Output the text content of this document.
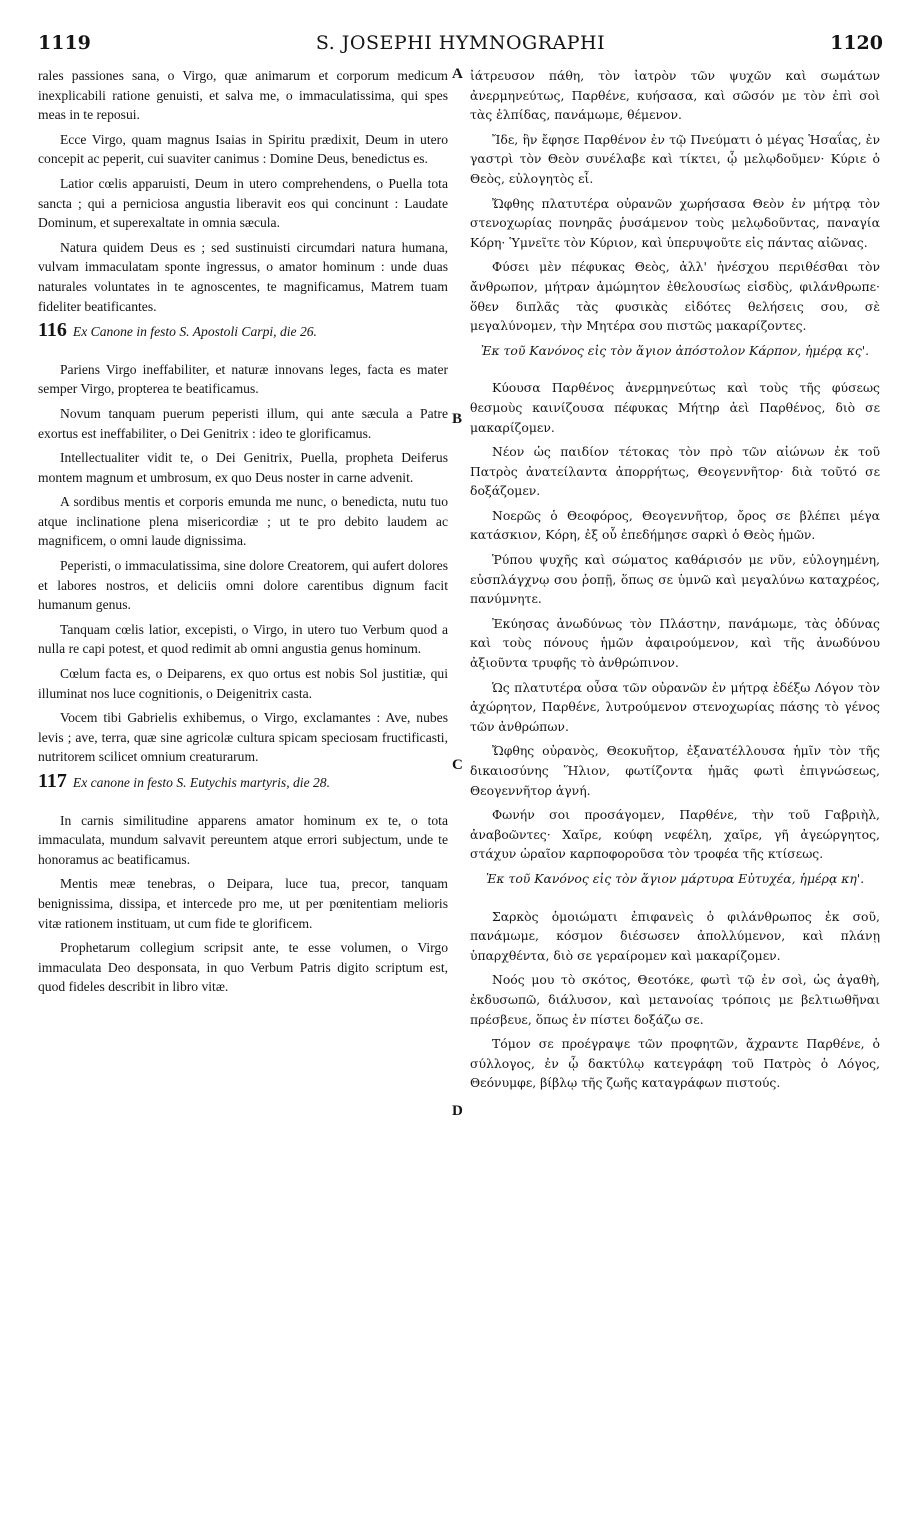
1119	S. JOSEPHI HYMNOGRAPHI	1120
A
B
C
D

rales passiones sana, o Virgo, quæ animarum et corporum medicum inexplicabili ratione genuisti, et salva me, o immaculatissima, qui spes meas in te reposui.

Ecce Virgo, quam magnus Isaias in Spiritu prædixit, Deum in utero concepit ac peperit, cui suaviter canimus : Domine Deus, benedictus es.

Latior cœlis apparuisti, Deum in utero comprehendens, o Puella tota sancta ; qui a perniciosa angustia liberavit eos qui concinunt : Laudate Dominum, et superexaltate in omnia sæcula.

Natura quidem Deus es ; sed sustinuisti circumdari natura humana, vulvam immaculatam sponte ingressus, o amator hominum : unde duas naturales voluntates in te agnoscentes, te magnificamus, Matrem tuam fideliter beatificantes.

116 Ex Canone in festo S. Apostoli Carpi, die 26.

Pariens Virgo ineffabiliter, et naturæ innovans leges, facta es mater semper Virgo, propterea te beatificamus.

Novum tanquam puerum peperisti illum, qui ante sæcula a Patre exortus est ineffabiliter, o Dei Genitrix : ideo te glorificamus.

Intellectualiter vidit te, o Dei Genitrix, Puella, propheta Deiferus montem magnum et umbrosum, ex quo Deus noster in carne advenit.

A sordibus mentis et corporis emunda me nunc, o benedicta, nutu tuo atque inclinatione plena misericordiæ ; ut te pro debito laudem ac magnificem, o omni laude dignissima.

Peperisti, o immaculatissima, sine dolore Creatorem, qui aufert dolores et labores nostros, et deliciis omni dolore carentibus dignum facit humanum genus.

Tanquam cœlis latior, excepisti, o Virgo, in utero tuo Verbum quod a nulla re capi potest, et quod redimit ab omni angustia genus hominum.

Cœlum facta es, o Deiparens, ex quo ortus est nobis Sol justitiæ, qui illuminat nos luce cognitionis, o Deigenitrix casta.

Vocem tibi Gabrielis exhibemus, o Virgo, exclamantes : Ave, nubes levis ; ave, terra, quæ sine agricolæ cultura spicam speciosam fructificasti, nutritorem scilicet omnium creaturarum.

117 Ex canone in festo S. Eutychis martyris, die 28.

In carnis similitudine apparens amator hominum ex te, o tota immaculata, mundum salvavit pereuntem atque errori subjectum, unde te honoramus ac beatificamus.

Mentis meæ tenebras, o Deipara, luce tua, precor, tanquam benignissima, dissipa, et intercede pro me, ut per pœnitentiam melioris vitæ rationem instituam, ut cum fide te glorificem.

Prophetarum collegium scripsit ante, te esse volumen, o Virgo immaculata Deo desponsata, in quo Verbum Patris digito scriptum est, quod fideles describit in libro vitæ.

ἰάτρευσον πάθη, τὸν ἰατρὸν τῶν ψυχῶν καὶ σωμάτων ἀνερμηνεύτως, Παρθένε, κυήσασα, καὶ σῶσόν με τὸν ἐπὶ σοὶ τὰς ἐλπίδας, πανάμωμε, θέμενον.

Ἴδε, ἣν ἔφησε Παρθένον ἐν τῷ Πνεύματι ὁ μέγας Ἡσαΐας, ἐν γαστρὶ τὸν Θεὸν συνέλαβε καὶ τίκτει, ᾧ μελῳδοῦμεν· Κύριε ὁ Θεὸς, εὐλογητὸς εἶ.

Ὤφθης πλατυτέρα οὐρανῶν χωρήσασα Θεὸν ἐν μήτρᾳ τὸν στενοχωρίας πονηρᾶς ῥυσάμενον τοὺς μελῳδοῦντας, παναγία Κόρη· Ὑμνεῖτε τὸν Κύριον, καὶ ὑπερυψοῦτε εἰς πάντας αἰῶνας.

Φύσει μὲν πέφυκας Θεὸς, ἀλλ' ἠνέσχου περιθέσθαι τὸν ἄνθρωπον, μήτραν ἀμώμητον ἐθελουσίως εἰσδὺς, φιλάνθρωπε· ὅθεν διπλᾶς τὰς φυσικὰς εἰδότες θελήσεις σου, σὲ μεγαλύνομεν, τὴν Μητέρα σου πιστῶς μακαρίζοντες.

Ἐκ τοῦ Κανόνος εἰς τὸν ἅγιον ἀπόστολον Κάρπον, ἡμέρᾳ κς'.

Κύουσα Παρθένος ἀνερμηνεύτως καὶ τοὺς τῆς φύσεως θεσμοὺς καινίζουσα πέφυκας Μήτηρ ἀεὶ Παρθένος, διὸ σε μακαρίζομεν.

Νέον ὡς παιδίον τέτοκας τὸν πρὸ τῶν αἰώνων ἐκ τοῦ Πατρὸς ἀνατείλαντα ἀπορρήτως, Θεογεννῆτορ· διὰ τοῦτό σε δοξάζομεν.

Νοερῶς ὁ Θεοφόρος, Θεογεννῆτορ, ὄρος σε βλέπει μέγα κατάσκιον, Κόρη, ἐξ οὗ ἐπεδήμησε σαρκὶ ὁ Θεὸς ἡμῶν.

Ῥύπου ψυχῆς καὶ σώματος καθάρισόν με νῦν, εὐλογημένη, εὐσπλάγχνῳ σου ῥοπῇ, ὅπως σε ὑμνῶ καὶ μεγαλύνω καταχρέος, πανύμνητε.

Ἐκύησας ἀνωδύνως τὸν Πλάστην, πανάμωμε, τὰς ὀδύνας καὶ τοὺς πόνους ἡμῶν ἀφαιρούμενον, καὶ τῆς ἀνωδύνου ἀξιοῦντα τρυφῆς τὸ ἀνθρώπινον.

Ὡς πλατυτέρα οὖσα τῶν οὐρανῶν ἐν μήτρᾳ ἐδέξω Λόγον τὸν ἀχώρητον, Παρθένε, λυτρούμενον στενοχωρίας πάσης τὸ γένος τῶν ἀνθρώπων.

Ὤφθης οὐρανὸς, Θεοκυῆτορ, ἐξανατέλλουσα ἡμῖν τὸν τῆς δικαιοσύνης Ἥλιον, φωτίζοντα ἡμᾶς φωτὶ ἐπιγνώσεως, Θεογεννῆτορ ἁγνή.

Φωνήν σοι προσάγομεν, Παρθένε, τὴν τοῦ Γαβριὴλ, ἀναβοῶντες· Χαῖρε, κούφη νεφέλη, χαῖρε, γῆ ἀγεώργητος, στάχυν ὡραῖον καρποφοροῦσα τὸν τροφέα τῆς κτίσεως.

Ἐκ τοῦ Κανόνος εἰς τὸν ἅγιον μάρτυρα Εὐτυχέα, ἡμέρᾳ κη'.

Σαρκὸς ὁμοιώματι ἐπιφανεὶς ὁ φιλάνθρωπος ἐκ σοῦ, πανάμωμε, κόσμον διέσωσεν ἀπολλύμενον, καὶ πλάνῃ ὑπαρχθέντα, διὸ σε γεραίρομεν καὶ μακαρίζομεν.

Νοός μου τὸ σκότος, Θεοτόκε, φωτὶ τῷ ἐν σοὶ, ὡς ἀγαθὴ, ἐκδυσωπῶ, διάλυσον, καὶ μετανοίας τρόποις με βελτιωθῆναι πρέσβευε, ὅπως ἐν πίστει δοξάζω σε.

Τόμον σε προέγραψε τῶν προφητῶν, ἄχραντε Παρθένε, ὁ σύλλογος, ἐν ᾧ δακτύλῳ κατεγράφη τοῦ Πατρὸς ὁ Λόγος, Θεόνυμφε, βίβλῳ τῆς ζωῆς καταγράφων πιστούς.
